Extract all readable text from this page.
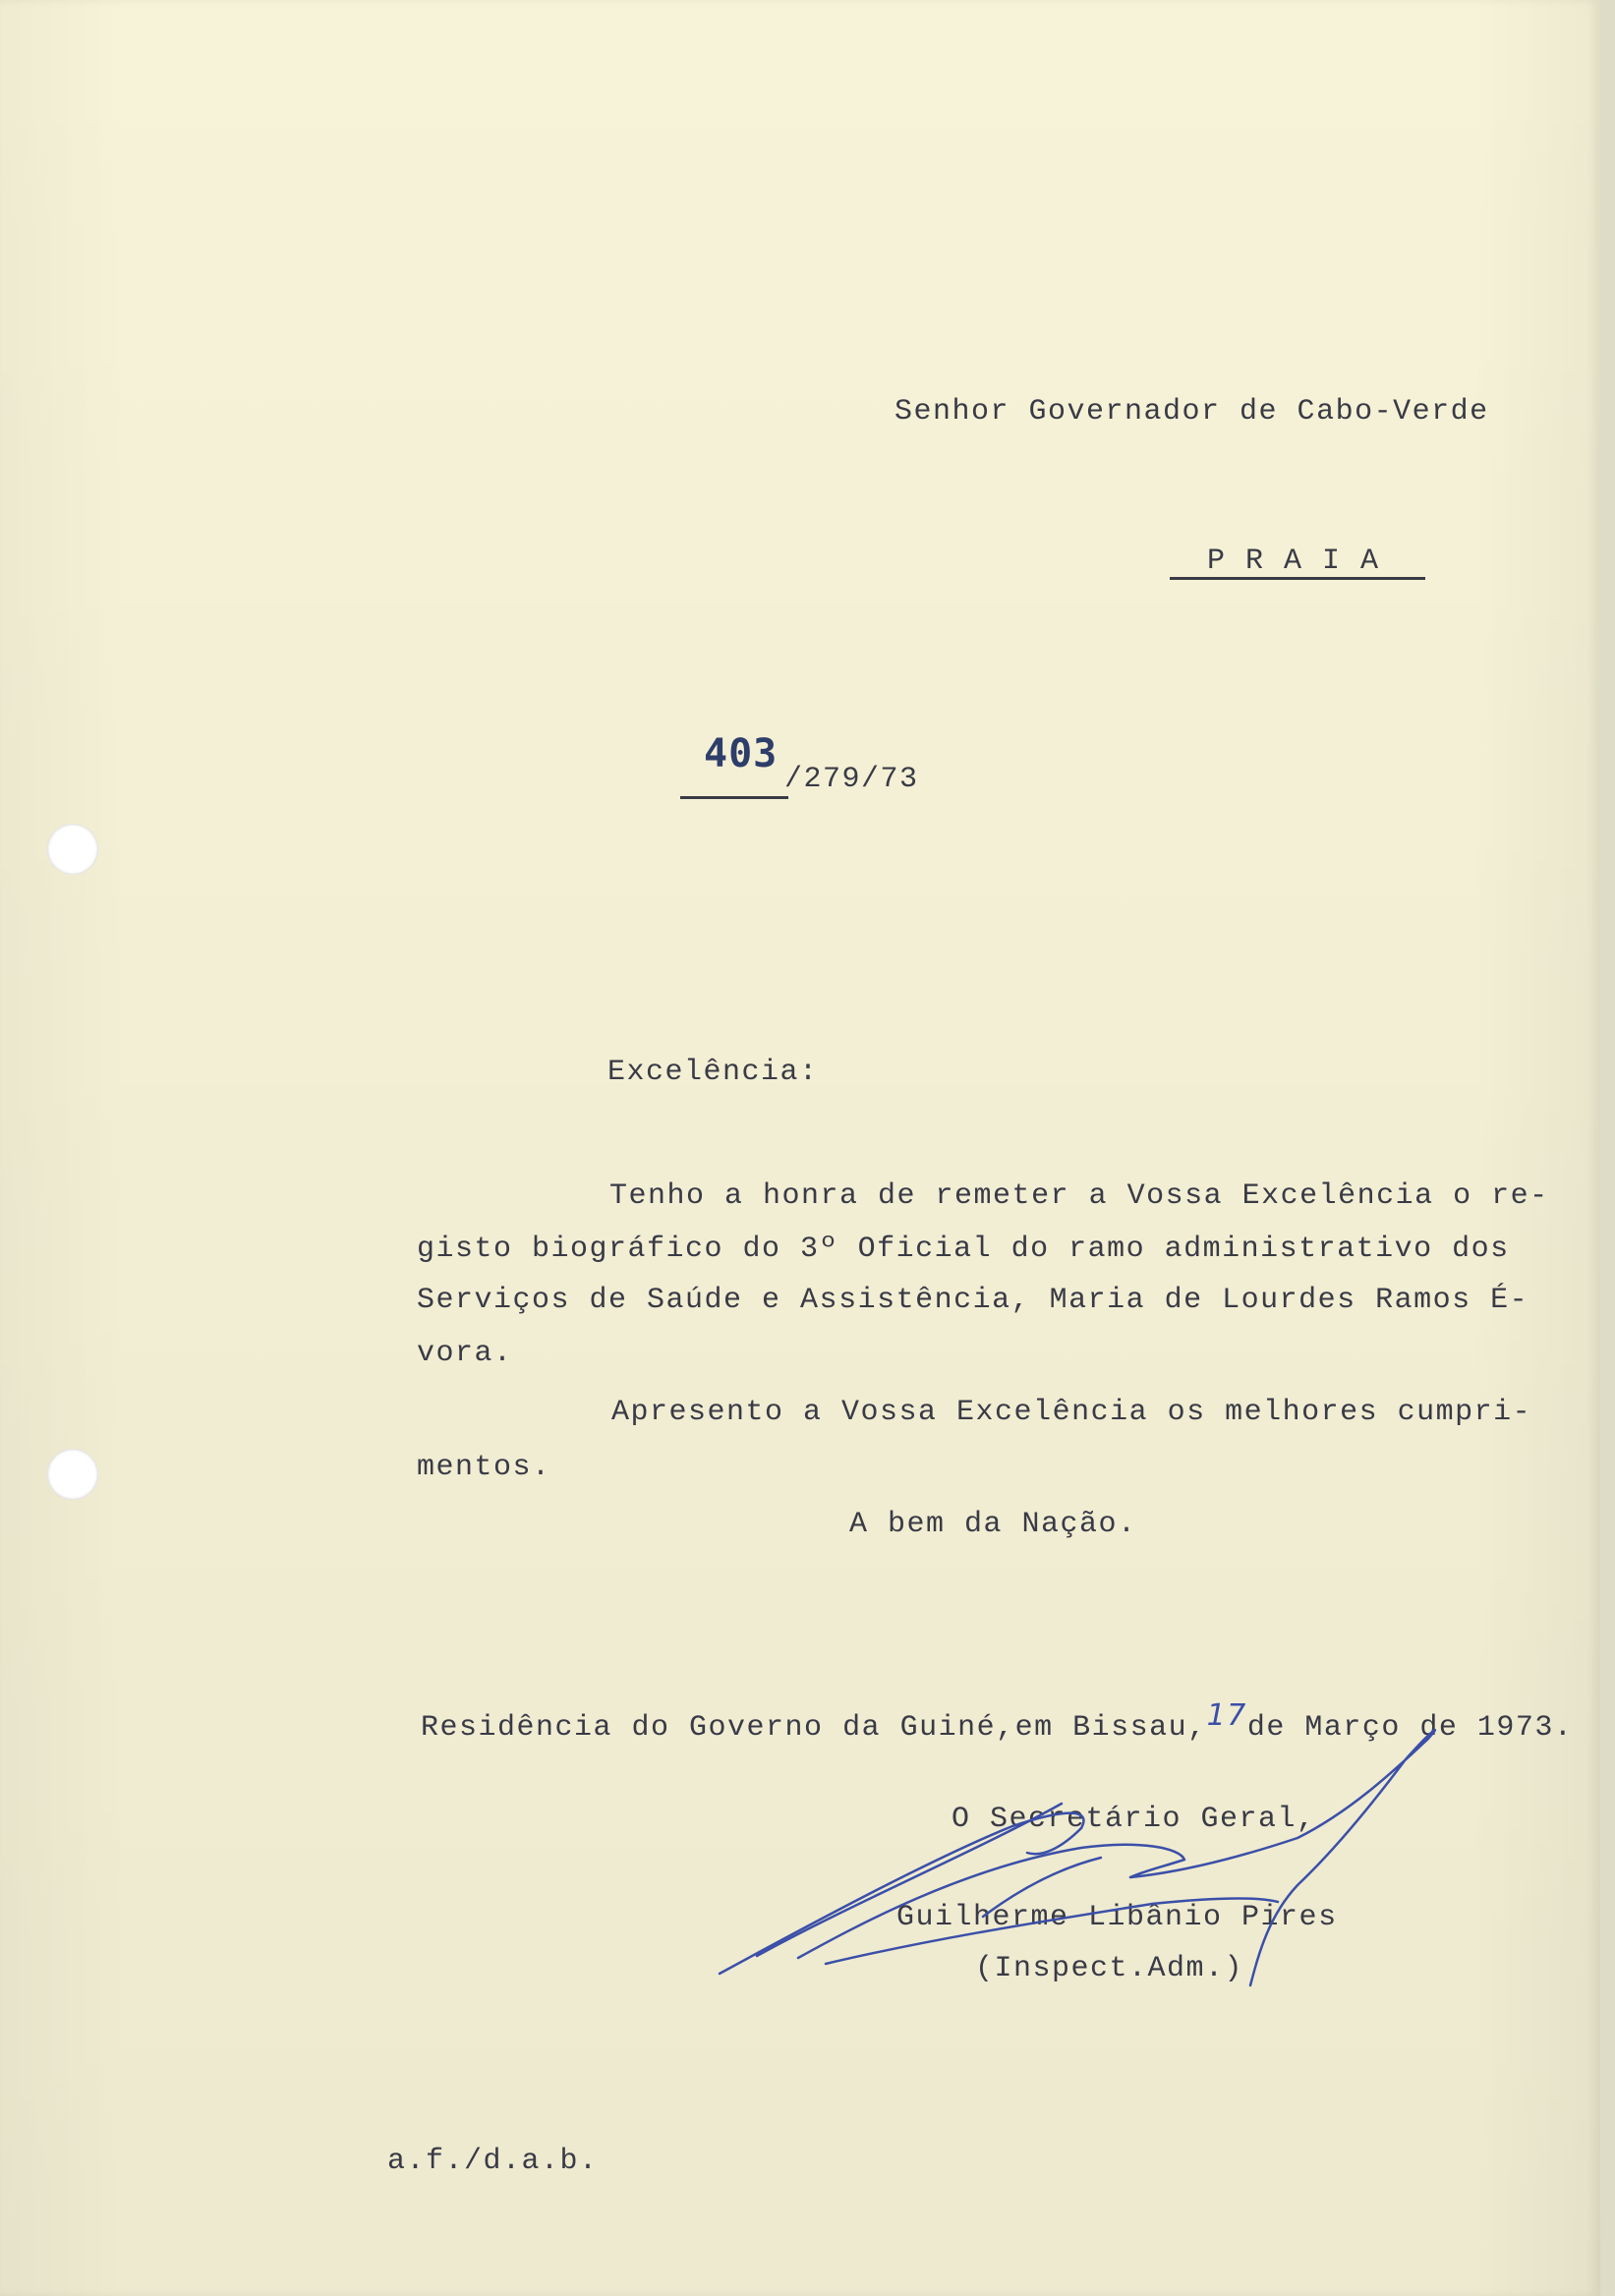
Senhor Governador de Cabo-Verde
P R A I A
403
/279/73
Excelência:
Tenho a honra de remeter a Vossa Excelência o re-
gisto biográfico do 3º Oficial do ramo administrativo dos
Serviços de Saúde e Assistência, Maria de Lourdes Ramos É-
vora.
Apresento a Vossa Excelência os melhores cumpri-
mentos.
A bem da Nação.
Residência do Governo da Guiné,em Bissau,17de Março de 1973.
O Secretário Geral,
Guilherme Libânio Pires
(Inspect.Adm.)
a.f./d.a.b.
